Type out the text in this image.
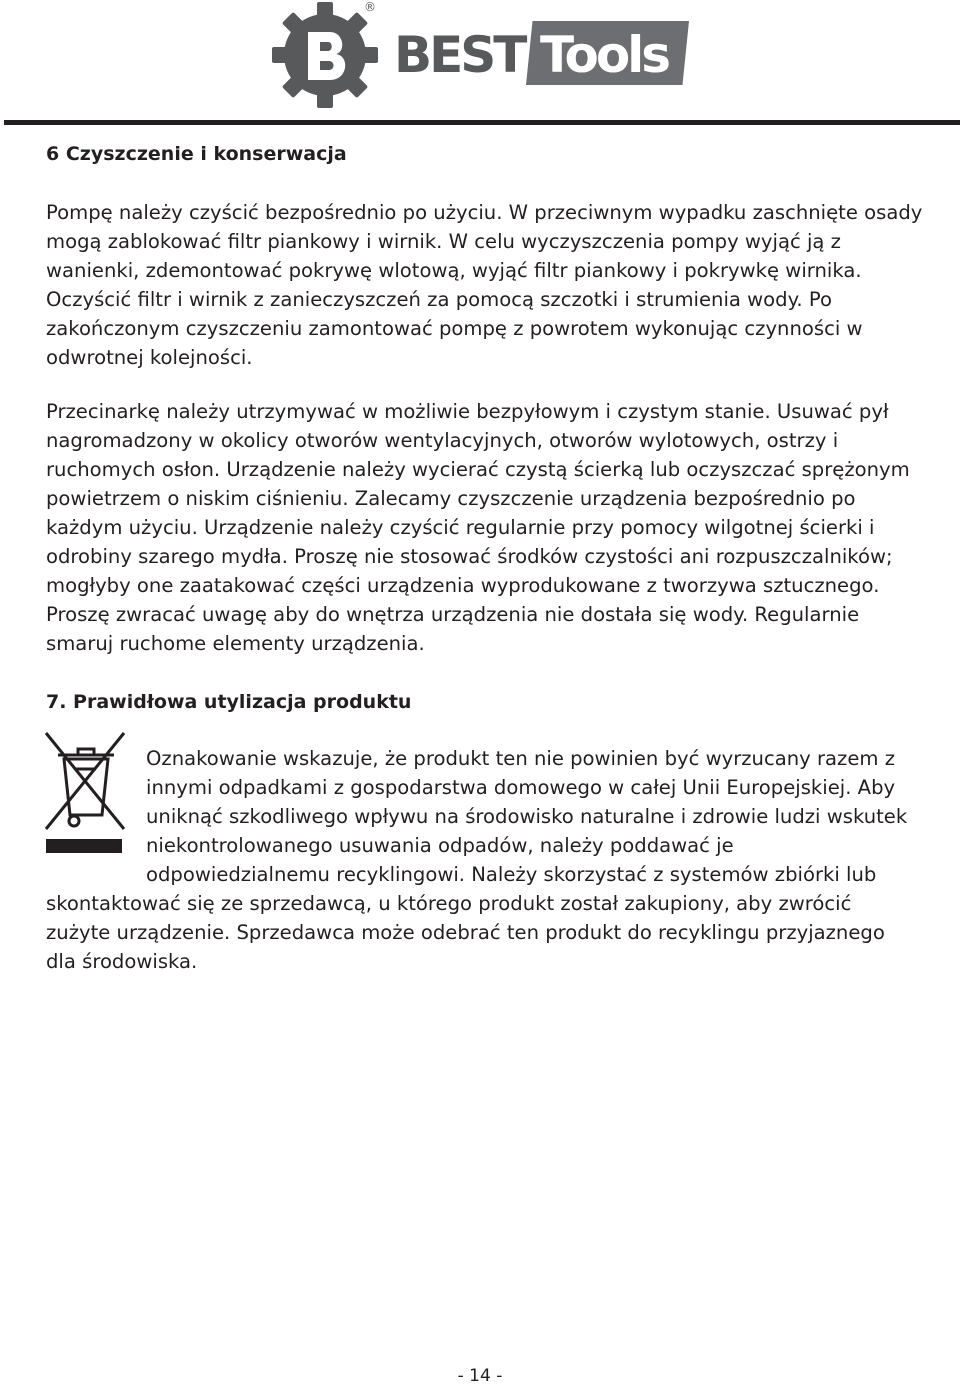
®
BEST Tools
6 Czyszczenie i konserwacja

Pompę należy czyścić bezpośrednio po użyciu. W przeciwnym wypadku zaschnięte osady mogą zablokować filtr piankowy i wirnik. W celu wyczyszczenia pompy wyjąć ją z wanienki, zdemontować pokrywę wlotową, wyjąć filtr piankowy i pokrywkę wirnika. Oczyścić filtr i wirnik z zanieczyszczeń za pomocą szczotki i strumienia wody. Po zakończonym czyszczeniu zamontować pompę z powrotem wykonując czynności w odwrotnej kolejności.

Przecinarkę należy utrzymywać w możliwie bezpyłowym i czystym stanie. Usuwać pył nagromadzony w okolicy otworów wentylacyjnych, otworów wylotowych, ostrzy i ruchomych osłon. Urządzenie należy wycierać czystą ścierką lub oczyszczać sprężonym powietrzem o niskim ciśnieniu. Zalecamy czyszczenie urządzenia bezpośrednio po każdym użyciu. Urządzenie należy czyścić regularnie przy pomocy wilgotnej ścierki i odrobiny szarego mydła. Proszę nie stosować środków czystości ani rozpuszczalników; mogłyby one zaatakować części urządzenia wyprodukowane z tworzywa sztucznego. Proszę zwracać uwagę aby do wnętrza urządzenia nie dostała się wody. Regularnie smaruj ruchome elementy urządzenia.

7. Prawidłowa utylizacja produktu

Oznakowanie wskazuje, że produkt ten nie powinien być wyrzucany razem z innymi odpadkami z gospodarstwa domowego w całej Unii Europejskiej. Aby uniknąć szkodliwego wpływu na środowisko naturalne i zdrowie ludzi wskutek niekontrolowanego usuwania odpadów, należy poddawać je odpowiedzialnemu recyklingowi. Należy skorzystać z systemów zbiórki lub skontaktować się ze sprzedawcą, u którego produkt został zakupiony, aby zwrócić zużyte urządzenie. Sprzedawca może odebrać ten produkt do recyklingu przyjaznego dla środowiska.

- 14 -
